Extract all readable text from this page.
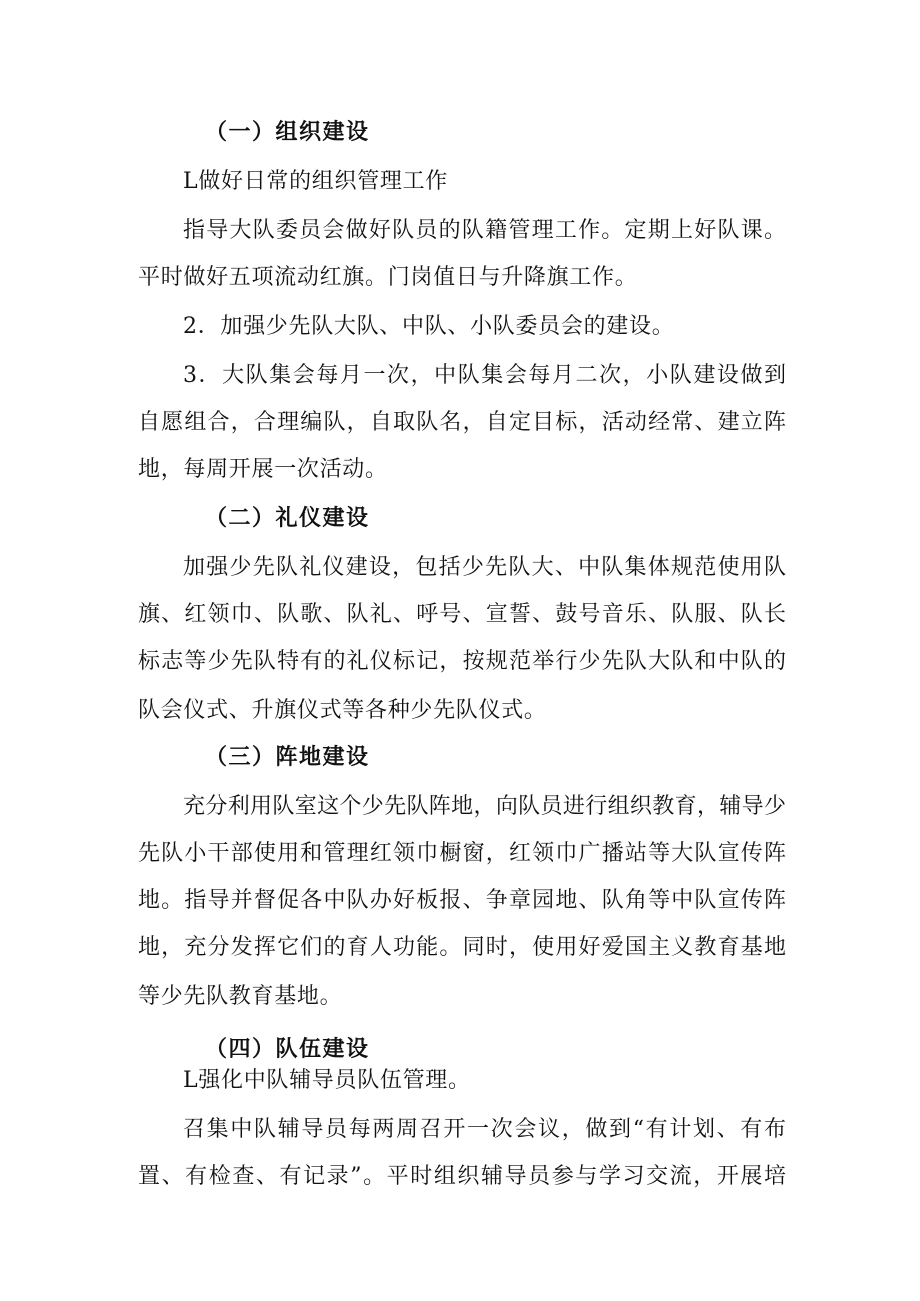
（一）组织建设
L做好日常的组织管理工作
指导大队委员会做好队员的队籍管理工作。定期上好队课。
平时做好五项流动红旗。门岗值日与升降旗工作。
2．加强少先队大队、中队、小队委员会的建设。
3．大队集会每月一次，中队集会每月二次，小队建设做到
自愿组合，合理编队，自取队名，自定目标，活动经常、建立阵
地，每周开展一次活动。
（二）礼仪建设
加强少先队礼仪建设，包括少先队大、中队集体规范使用队
旗、红领巾、队歌、队礼、呼号、宣誓、鼓号音乐、队服、队长
标志等少先队特有的礼仪标记，按规范举行少先队大队和中队的
队会仪式、升旗仪式等各种少先队仪式。
（三）阵地建设
充分利用队室这个少先队阵地，向队员进行组织教育，辅导少
先队小干部使用和管理红领巾橱窗，红领巾广播站等大队宣传阵
地。指导并督促各中队办好板报、争章园地、队角等中队宣传阵
地，充分发挥它们的育人功能。同时，使用好爱国主义教育基地
等少先队教育基地。
（四）队伍建设
L强化中队辅导员队伍管理。
召集中队辅导员每两周召开一次会议，做到“有计划、有布
置、有检查、有记录”。平时组织辅导员参与学习交流，开展培
